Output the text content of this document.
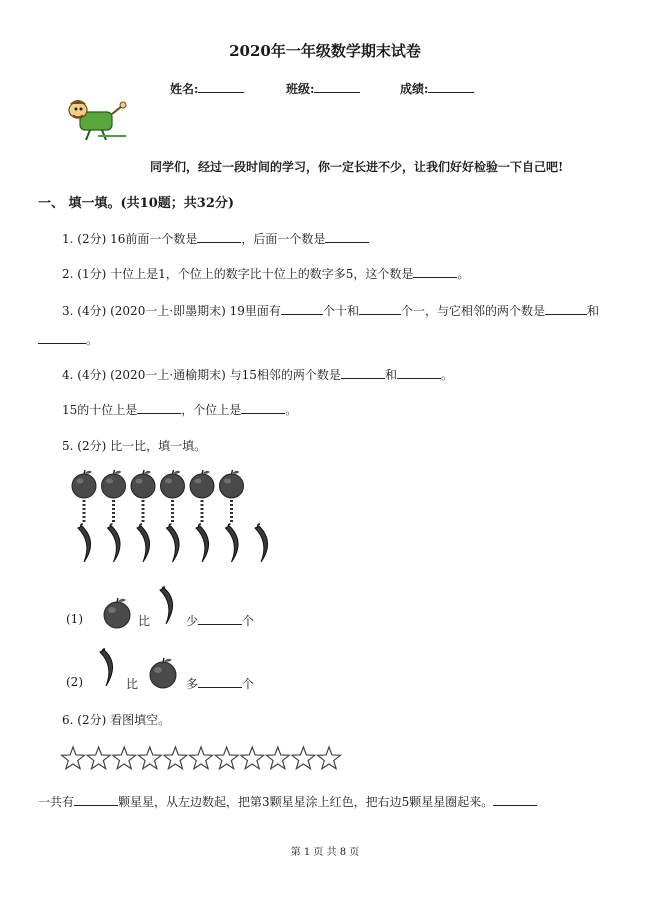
2020年一年级数学期末试卷
姓名:	班级:	成绩:
同学们，经过一段时间的学习，你一定长进不少，让我们好好检验一下自己吧!
一、 填一填。(共10题；共32分)
1. (2分) 16前面一个数是	，后面一个数是
2. (1分) 十位上是1，个位上的数字比十位上的数字多5，这个数是	。
3. (4分) (2020一上·即墨期末) 19里面有	个十和	个一，与它相邻的两个数是	和
。
4. (4分) (2020一上·通榆期末) 与15相邻的两个数是	和	。
15的十位上是	，个位上是	。
5. (2分) 比一比，填一填。
(1)	比	少	个
(2)	比	多	个
6. (2分) 看图填空。
一共有	颗星星，从左边数起，把第3颗星星涂上红色，把右边5颗星星圈起来。
第 1 页 共 8 页
